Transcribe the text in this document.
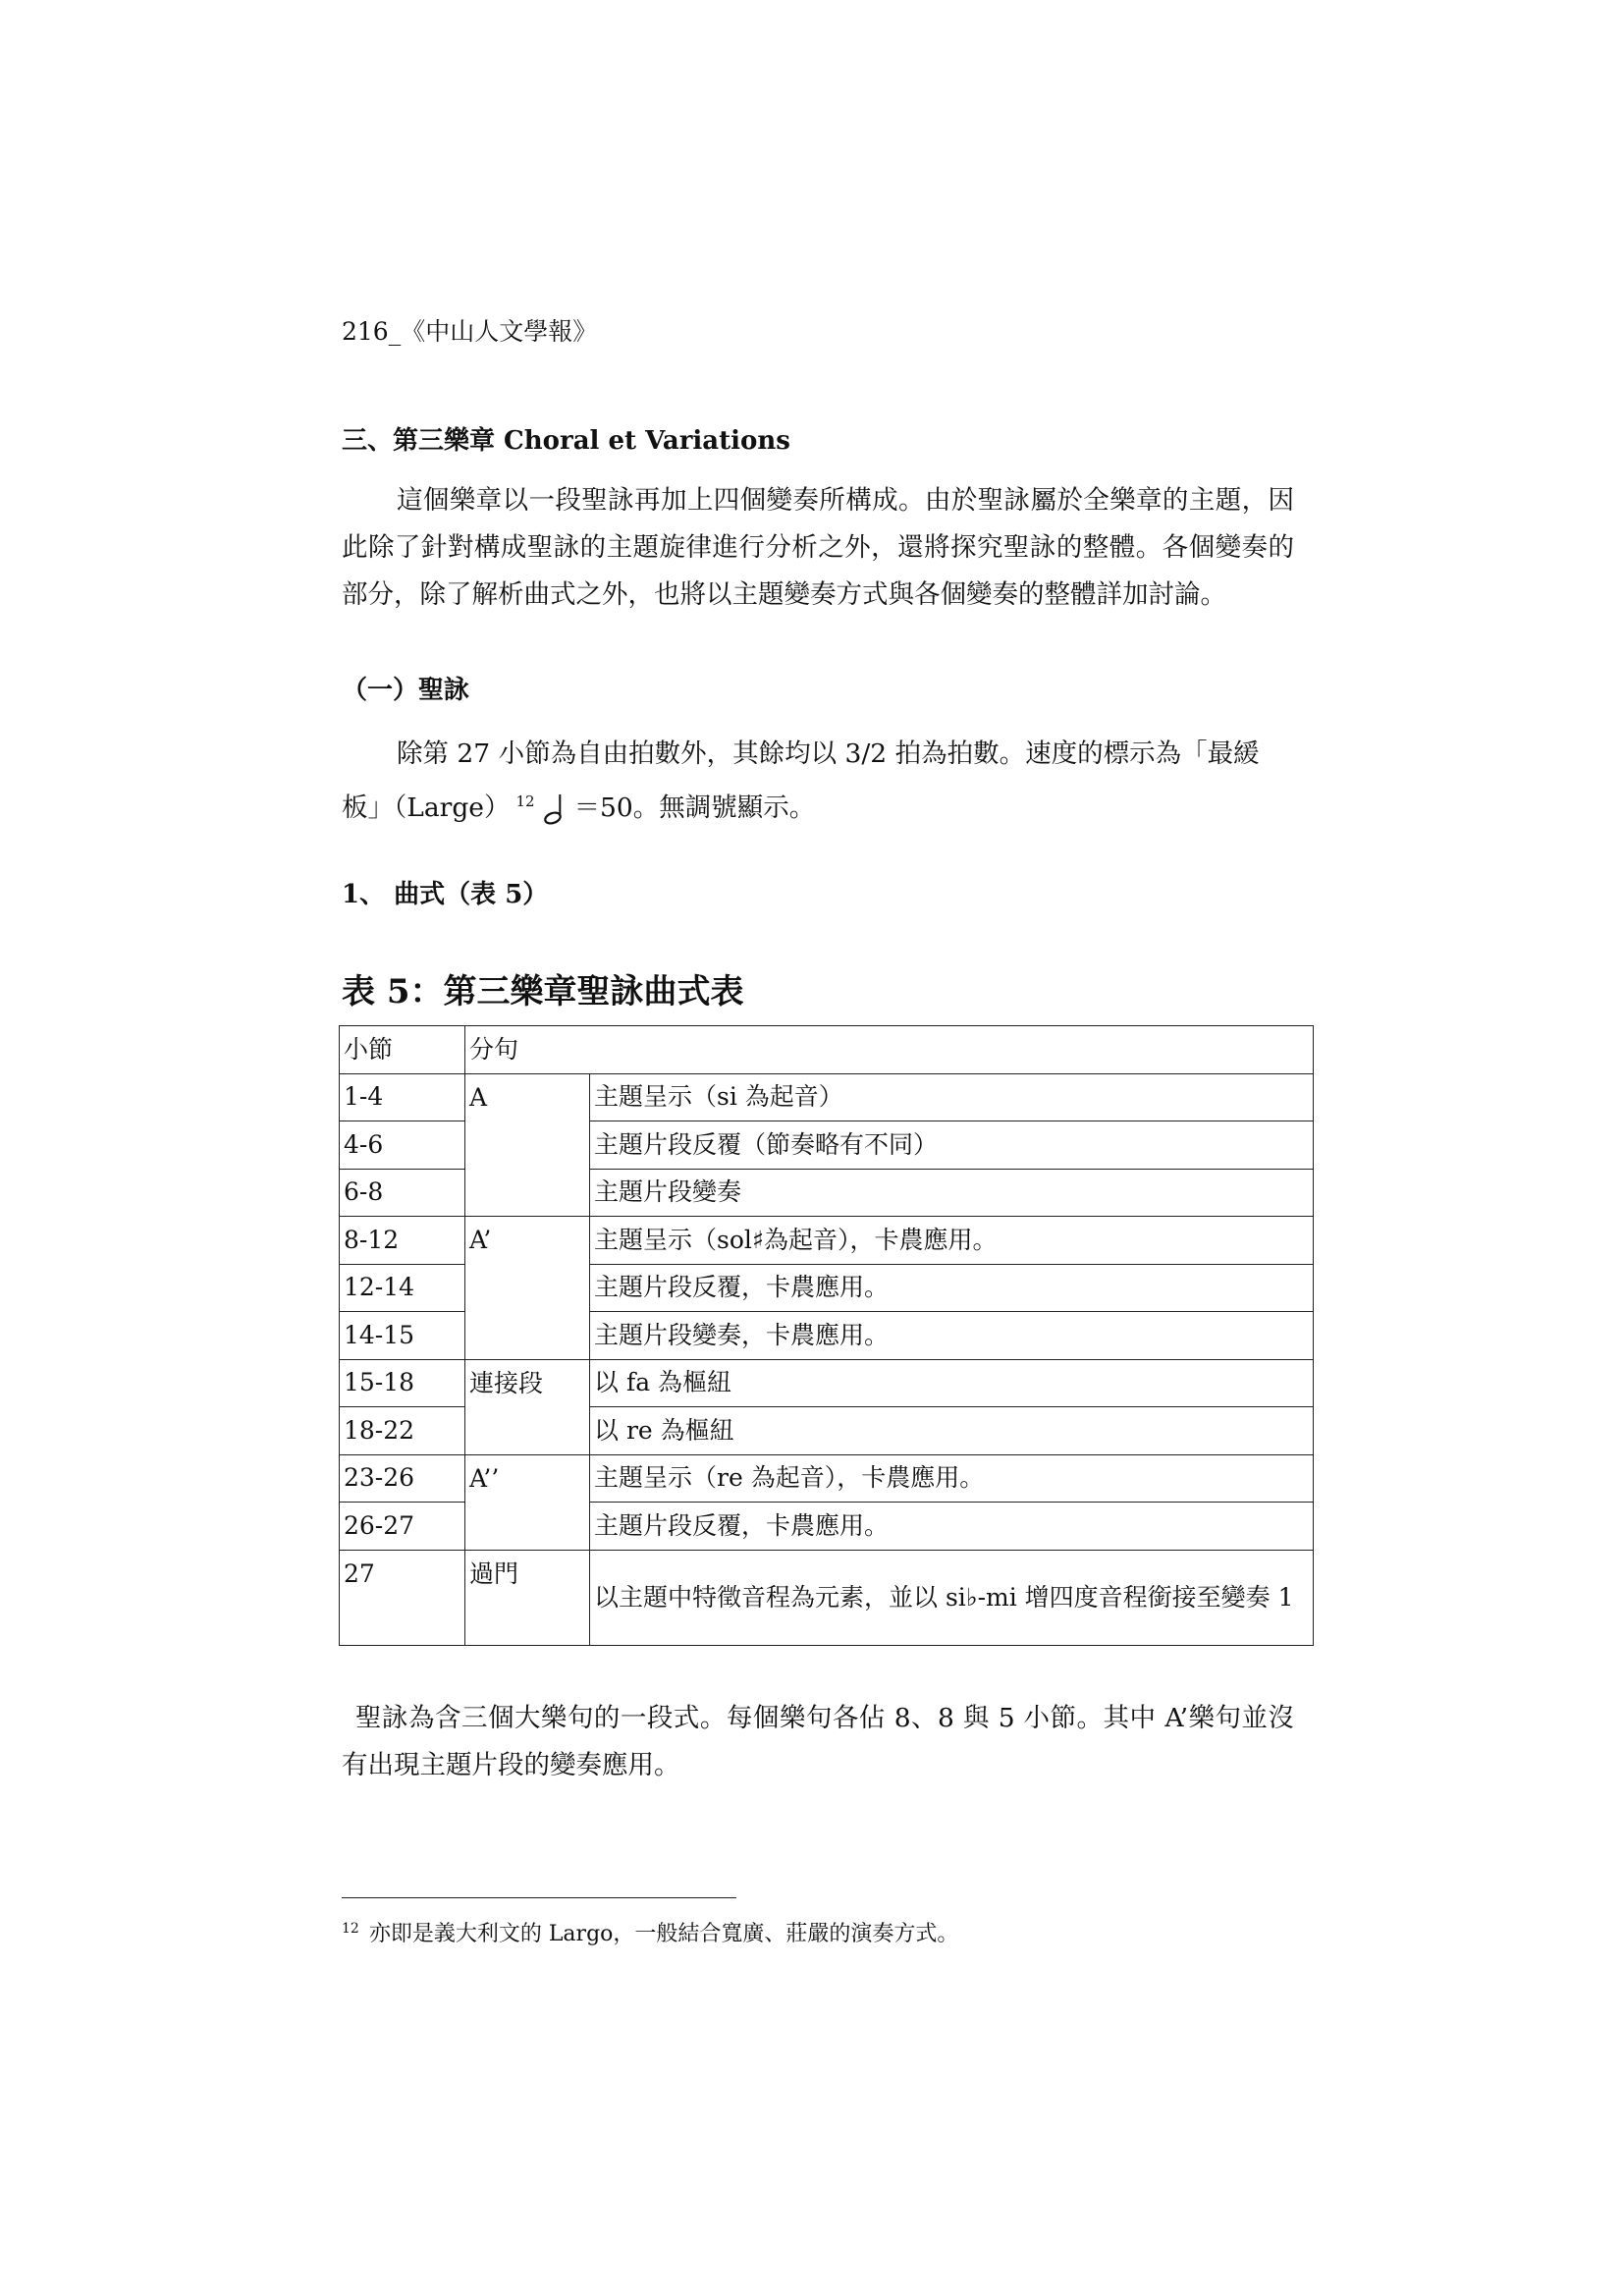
216_《中山人文學報》
三、第三樂章 Choral et Variations
這個樂章以一段聖詠再加上四個變奏所構成。由於聖詠屬於全樂章的主題，因此除了針對構成聖詠的主題旋律進行分析之外，還將探究聖詠的整體。各個變奏的部分，除了解析曲式之外，也將以主題變奏方式與各個變奏的整體詳加討論。
（一）聖詠
除第 27 小節為自由拍數外，其餘均以 3/2 拍為拍數。速度的標示為「最緩
板」（Large） $^{12}$ ＝50。無調號顯示。
1、 曲式（表 5）
表 5：第三樂章聖詠曲式表
小節	分句	
1-4	A	主題呈示（si 為起音）
4-6		主題片段反覆（節奏略有不同）
6-8		主題片段變奏
8-12	A’	主題呈示（sol♯為起音），卡農應用。
12-14		主題片段反覆，卡農應用。
14-15		主題片段變奏，卡農應用。
15-18	連接段	以 fa 為樞紐
18-22		以 re 為樞紐
23-26	A’’	主題呈示（re 為起音），卡農應用。
26-27		主題片段反覆，卡農應用。
27	過門	以主題中特徵音程為元素，並以 si♭-mi 增四度音程銜接至變奏 1
聖詠為含三個大樂句的一段式。每個樂句各佔 8、8 與 5 小節。其中 A’樂句並沒有出現主題片段的變奏應用。
$^{12}$ 亦即是義大利文的 Largo，一般結合寬廣、莊嚴的演奏方式。
